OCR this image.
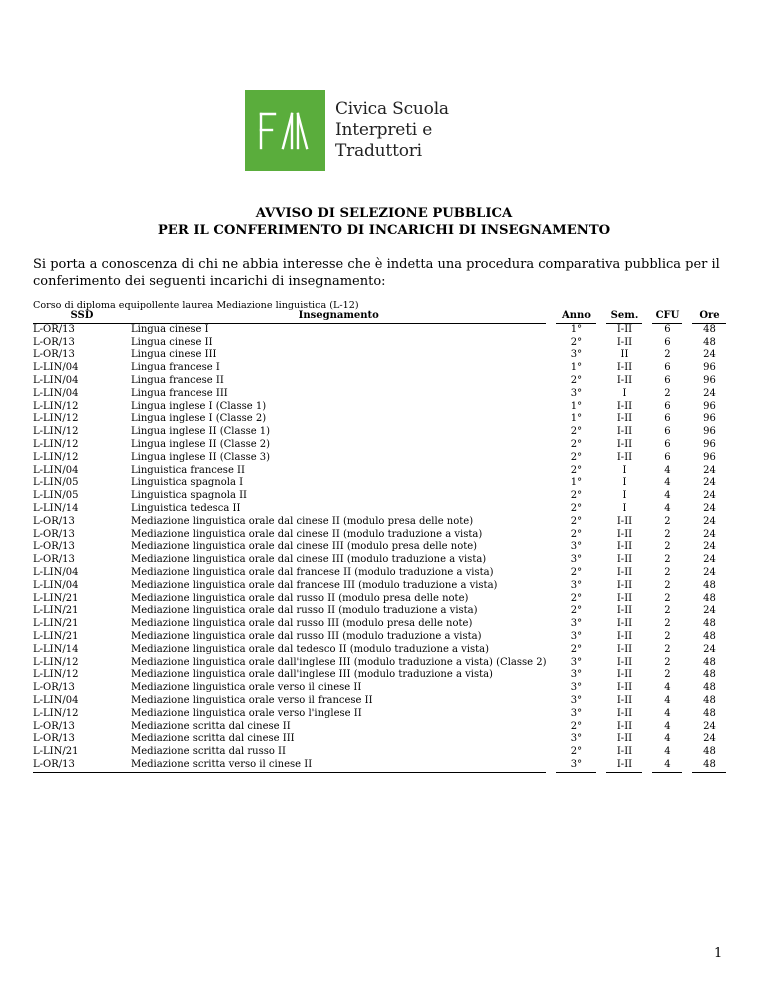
Civica Scuola
Interpreti e Traduttori
AVVISO DI SELEZIONE PUBBLICA
PER IL CONFERIMENTO DI INCARICHI DI INSEGNAMENTO
Si porta a conoscenza di chi ne abbia interesse che è indetta una procedura comparativa pubblica per il conferimento dei seguenti incarichi di insegnamento:
Corso di diploma equipollente laurea Mediazione linguistica (L-12)
SSD	Insegnamento		Anno		Sem.		CFU		Ore
L-OR/13	Lingua cinese I		1°		I-II		6		48
L-OR/13	Lingua cinese II		2°		I-II		6		48
L-OR/13	Lingua cinese III		3°		II		2		24
L-LIN/04	Lingua francese I		1°		I-II		6		96
L-LIN/04	Lingua francese II		2°		I-II		6		96
L-LIN/04	Lingua francese III		3°		I		2		24
L-LIN/12	Lingua inglese I (Classe 1)		1°		I-II		6		96
L-LIN/12	Lingua inglese I (Classe 2)		1°		I-II		6		96
L-LIN/12	Lingua inglese II (Classe 1)		2°		I-II		6		96
L-LIN/12	Lingua inglese II (Classe 2)		2°		I-II		6		96
L-LIN/12	Lingua inglese II (Classe 3)		2°		I-II		6		96
L-LIN/04	Linguistica francese II		2°		I		4		24
L-LIN/05	Linguistica spagnola I		1°		I		4		24
L-LIN/05	Linguistica spagnola II		2°		I		4		24
L-LIN/14	Linguistica tedesca II		2°		I		4		24
L-OR/13	Mediazione linguistica orale dal cinese II (modulo presa delle note)		2°		I-II		2		24
L-OR/13	Mediazione linguistica orale dal cinese II (modulo traduzione a vista)		2°		I-II		2		24
L-OR/13	Mediazione linguistica orale dal cinese III (modulo presa delle note)		3°		I-II		2		24
L-OR/13	Mediazione linguistica orale dal cinese III (modulo traduzione a vista)		3°		I-II		2		24
L-LIN/04	Mediazione linguistica orale dal francese II (modulo traduzione a vista)		2°		I-II		2		24
L-LIN/04	Mediazione linguistica orale dal francese III (modulo traduzione a vista)		3°		I-II		2		48
L-LIN/21	Mediazione linguistica orale dal russo II (modulo presa delle note)		2°		I-II		2		48
L-LIN/21	Mediazione linguistica orale dal russo II (modulo traduzione a vista)		2°		I-II		2		24
L-LIN/21	Mediazione linguistica orale dal russo III (modulo presa delle note)		3°		I-II		2		48
L-LIN/21	Mediazione linguistica orale dal russo III (modulo traduzione a vista)		3°		I-II		2		48
L-LIN/14	Mediazione linguistica orale dal tedesco II (modulo traduzione a vista)		2°		I-II		2		24
L-LIN/12	Mediazione linguistica orale dall'inglese III (modulo traduzione a vista) (Classe 2)		3°		I-II		2		48
L-LIN/12	Mediazione linguistica orale dall'inglese III (modulo traduzione a vista)		3°		I-II		2		48
L-OR/13	Mediazione linguistica orale verso il cinese II		3°		I-II		4		48
L-LIN/04	Mediazione linguistica orale verso il francese II		3°		I-II		4		48
L-LIN/12	Mediazione linguistica orale verso l'inglese II		3°		I-II		4		48
L-OR/13	Mediazione scritta dal cinese II		2°		I-II		4		24
L-OR/13	Mediazione scritta dal cinese III		3°		I-II		4		24
L-LIN/21	Mediazione scritta dal russo II		2°		I-II		4		48
L-OR/13	Mediazione scritta verso il cinese II		3°		I-II		4		48
1
